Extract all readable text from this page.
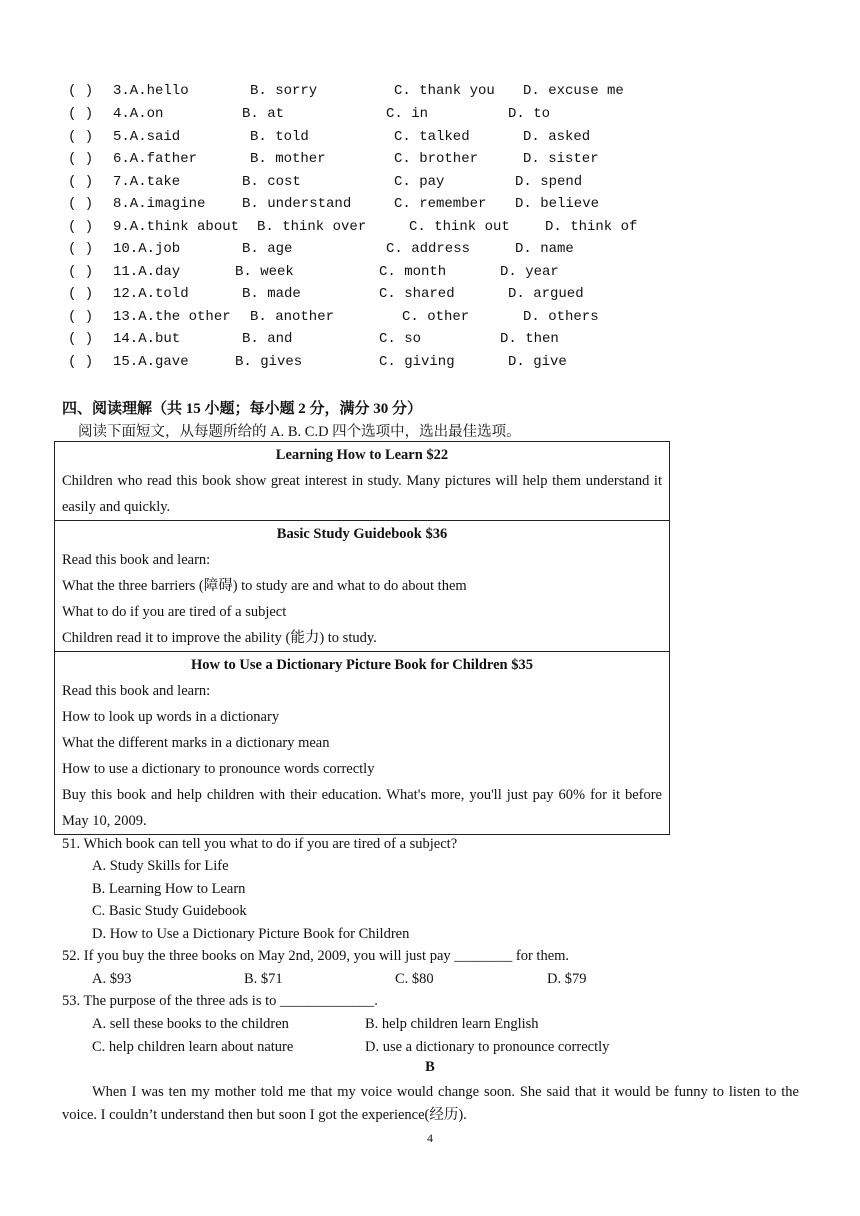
( ) 3.A.hello	B. sorry	C. thank you D. excuse me
( ) 4.A.on	B. at	C. in	D. to
( ) 5.A.said	B. told	C. talked	D. asked
( ) 6.A.father	B. mother	C. brother	D. sister
( ) 7.A.take	B. cost	C. pay	D. spend
( ) 8.A.imagine	B. understand	C. remember D. believe
( ) 9.A.think about B. think over	C. think out	D. think of
( ) 10.A.job	B. age	C. address	D. name
( ) 11.A.day	B. week	C. month	D. year
( ) 12.A.told	B. made	C. shared	D. argued
( ) 13.A.the other B. another	C. other	D. others
( ) 14.A.but	B. and	C. so	D. then
( ) 15.A.gave	B. gives	C. giving	D. give
四、阅读理解（共 15 小题；每小题 2 分，满分 30 分）
阅读下面短文，从每题所给的 A. B. C.D 四个选项中，选出最佳选项。
Learning How to Learn $22
Children who read this book show great interest in study. Many pictures will help them understand it easily and quickly.

Basic Study Guidebook $36
Read this book and learn:
What the three barriers (障碍) to study are and what to do about them
What to do if you are tired of a subject
Children read it to improve the ability (能力) to study.

How to Use a Dictionary Picture Book for Children $35
Read this book and learn:
How to look up words in a dictionary
What the different marks in a dictionary mean
How to use a dictionary to pronounce words correctly
Buy this book and help children with their education. What's more, you'll just pay 60% for it before May 10, 2009.
51. Which book can tell you what to do if you are tired of a subject?
A. Study Skills for Life
B. Learning How to Learn
C. Basic Study Guidebook
D. How to Use a Dictionary Picture Book for Children
52. If you buy the three books on May 2nd, 2009, you will just pay ________ for them.
A. $93	B. $71	C. $80	D. $79
53. The purpose of the three ads is to _____________.
A. sell these books to the children	B. help children learn English
C. help children learn about nature	D. use a dictionary to pronounce correctly
B
When I was ten my mother told me that my voice would change soon. She said that it would be funny to listen to the voice. I couldn’t understand then but soon I got the experience(经历).
4
